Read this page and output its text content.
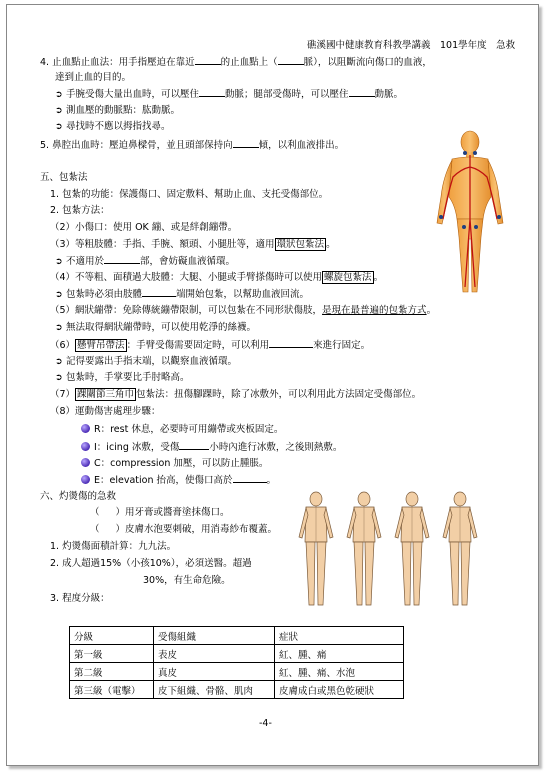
礁溪國中健康教育科教學講義　101學年度　急救
4. 止血點止血法：用手指壓迫在靠近	的止血點上（	脈），以阻斷流向傷口的血液，
達到止血的目的。
➲ 手腕受傷大量出血時，可以壓住	動脈；腿部受傷時，可以壓住	動脈。
➲ 測血壓的動脈點：肱動脈。
➲ 尋找時不應以拇指找尋。
5. 鼻腔出血時：壓迫鼻樑骨，並且頭部保持向	傾，以利血液排出。
五、包紮法
1. 包紮的功能：保護傷口、固定敷料、幫助止血、支托受傷部位。
2. 包紮方法：
（2）小傷口：使用 OK 繃、或是絆創繃帶。
（3）等粗肢體：手指、手腕、額頭、小腿肚等，適用 環狀包紮法 。
➲ 不適用於	部，會妨礙血液循環。
（4）不等粗、面積過大肢體：大腿、小腿或手臂搽傷時可以使用 螺旋包紮法 。
➲ 包紮時必須由肢體	端開始包紮，以幫助血液回流。
（5）網狀繃帶：免除傳統繃帶限制，可以包紮在不同形狀傷肢，是現在最普遍的包紮方式。
➲ 無法取得網狀繃帶時，可以使用乾淨的絲襪。
（6） 懸臂吊帶法 ：手臂受傷需要固定時，可以利用	來進行固定。
➲ 記得要露出手指末端，以觀察血液循環。
➲ 包紮時，手掌要比手肘略高。
（7） 踝關節三角巾 包紮法：扭傷腳踝時，除了冰敷外，可以利用此方法固定受傷部位。
（8）運動傷害處理步驟：
R：rest 休息，必要時可用繃帶或夾板固定。
I：icing 冰敷，受傷	小時內進行冰敷，之後則熱敷。
C：compression 加壓，可以防止腫脹。
E：elevation 抬高，使傷口高於	。
六、灼燙傷的急救
（ ）用牙膏或醬膏塗抹傷口。
（ ）皮膚水泡要刺破，用消毒紗布覆蓋。
1. 灼燙傷面積計算：九九法。
2. 成人超過15%（小孩10%），必須送醫。超過
30%，有生命危險。
3. 程度分級：
分級	受傷組織	症狀
第一級	表皮	紅、腫、痛
第二級	真皮	紅、腫、痛、水泡
第三級（電擊）	皮下組織、骨骼、肌肉	皮膚成白或黑色乾硬狀
-4-
